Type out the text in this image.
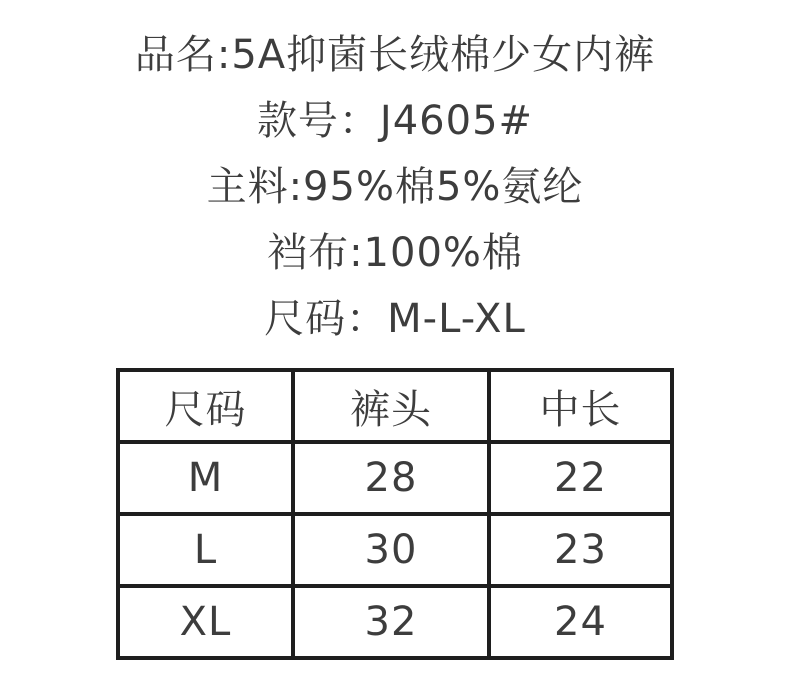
品名:5A抑菌长绒棉少女内裤
款号：J4605#
主料:95%棉5%氨纶
裆布:100%棉
尺码：M-L-XL
尺码	裤头	中长
M	28	22
L	30	23
XL	32	24
